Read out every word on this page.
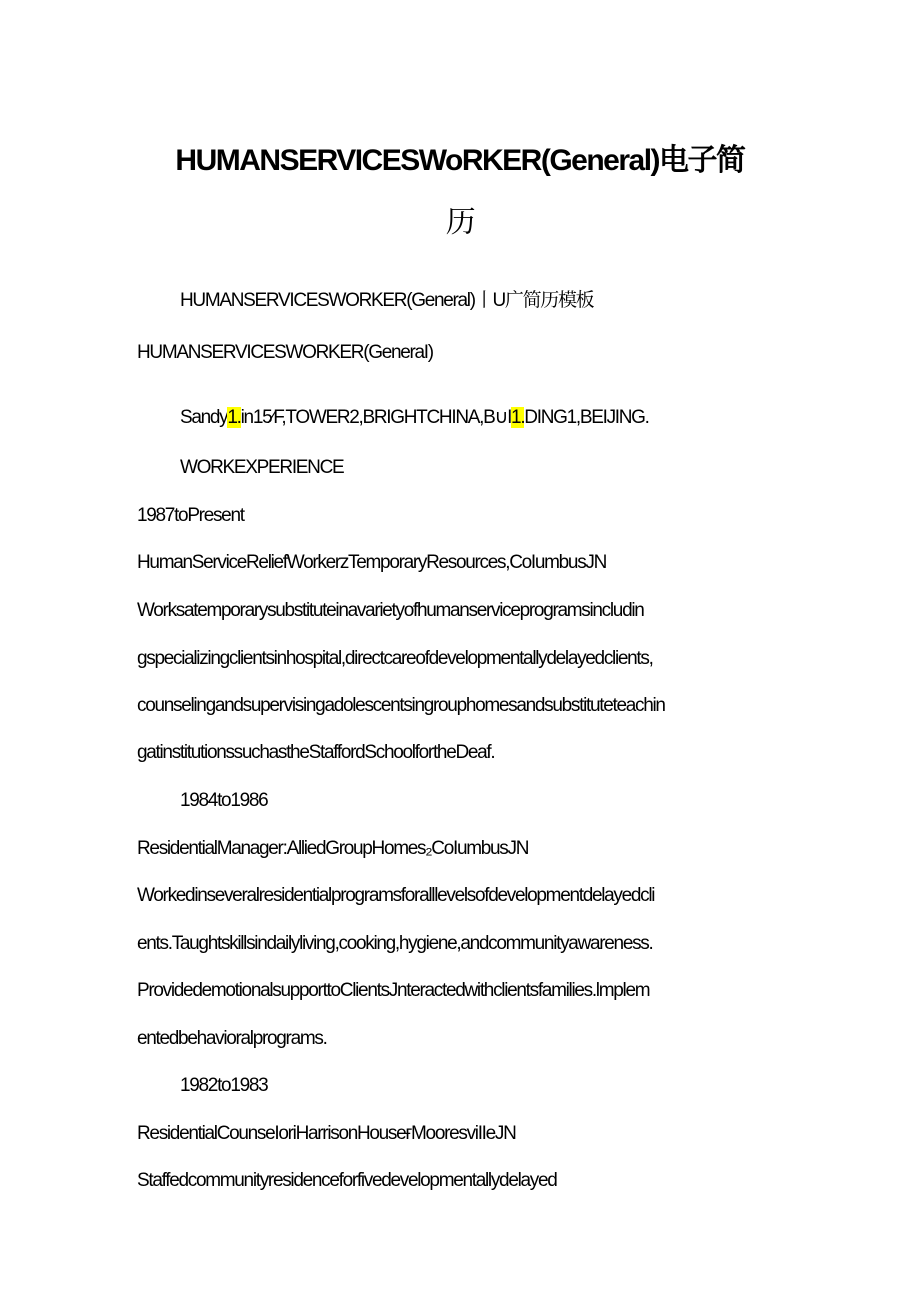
HUMANSERVICESWoRKER(General)电子简
历
HUMANSERVICESWORKER(General)丨U广简历模板
HUMANSERVICESWORKER(GeneraI)
Sandy1.in15∕F,TOWER2,BRIGHTCHINA,B∪I1.DING1,BEIJING.
WORKEXPERIENCE
1987toPresent
HumanServiceReliefWorkerzTemporaryResources,CoIumbusJN
Worksatemporarysubstituteinavarietyofhumanserviceprogramsincludin
gspecializingclientsinhospital,directcareofdevelopmentallydelayedclients,
counselingandsupervisingadolescentsingrouphomesandsubstituteteachin
gatinstitutionssuchastheStaffordSchoolfortheDeaf.
1984to1986
ResidentialManager:AlliedGroupHomes₂CoIumbusJN
Workedinseveralresidentialprogramsforalllevelsofdevelopmentdelayedcli
ents.Taughtskillsindailyliving,cooking,hygiene,andcommunityawareness.
ProvidedemotionalsupporttoClientsJnteractedwithclientsfamilies.lmplem
entedbehavioralprograms.
1982to1983
ResidentialCounseIoriHarrisonHouseғMooresviIIeJN
Staffedcommunityresidenceforfivedevelopmentallydelayed
